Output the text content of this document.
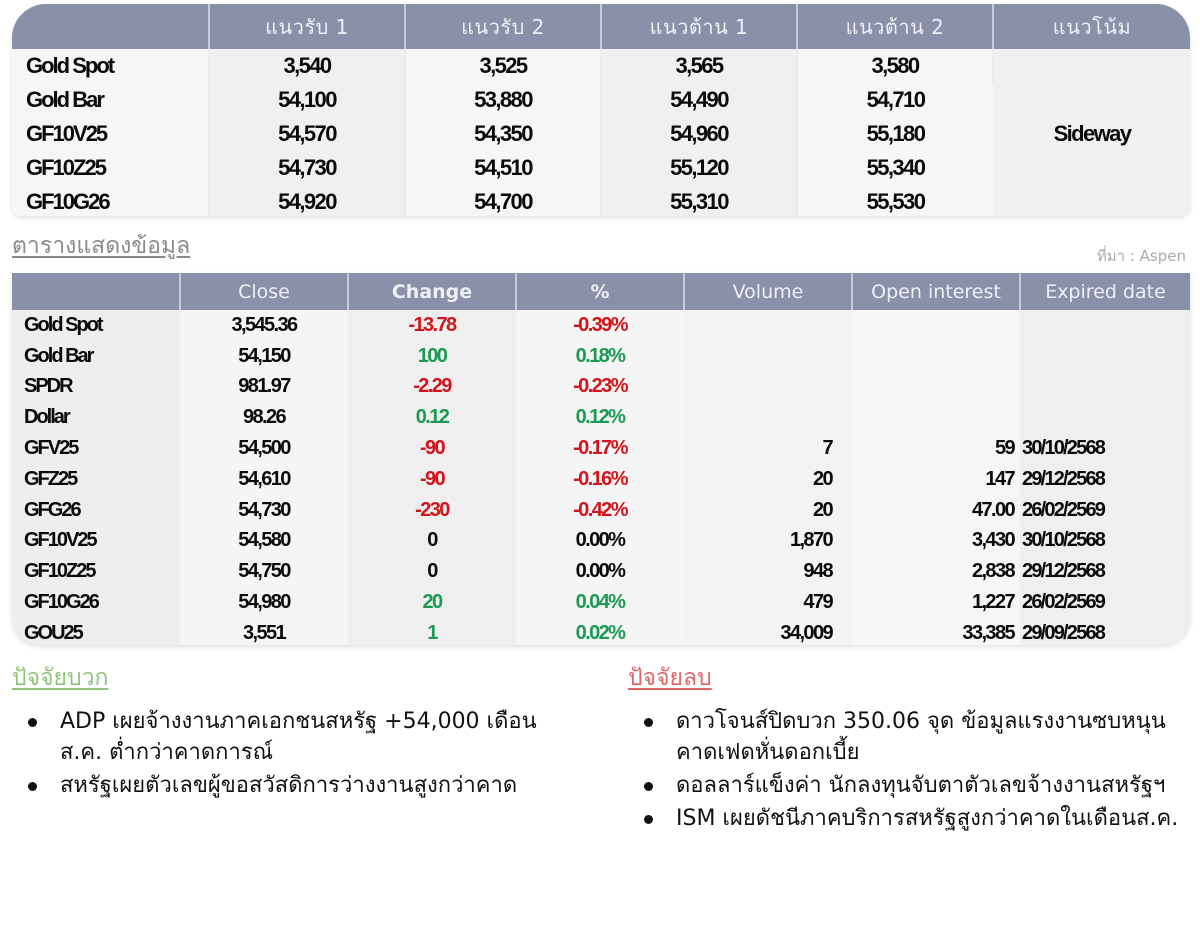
	แนวรับ 1	แนวรับ 2	แนวต้าน 1	แนวต้าน 2	แนวโน้ม
Gold Spot	3,540	3,525	3,565	3,580	Sideway
Gold Bar	54,100	53,880	54,490	54,710	
GF10V25	54,570	54,350	54,960	55,180	
GF10Z25	54,730	54,510	55,120	55,340	
GF10G26	54,920	54,700	55,310	55,530	
ตารางแสดงข้อมูล	ที่มา : Aspen
	Close	Change	%	Volume	Open interest	Expired date
Gold Spot	3,545.36	-13.78	-0.39%			
Gold Bar	54,150	100	0.18%			
SPDR	981.97	-2.29	-0.23%			
Dollar	98.26	0.12	0.12%			
GFV25	54,500	-90	-0.17%	7	59	30/10/2568
GFZ25	54,610	-90	-0.16%	20	147	29/12/2568
GFG26	54,730	-230	-0.42%	20	47.00	26/02/2569
GF10V25	54,580	0	0.00%	1,870	3,430	30/10/2568
GF10Z25	54,750	0	0.00%	948	2,838	29/12/2568
GF10G26	54,980	20	0.04%	479	1,227	26/02/2569
GOU25	3,551	1	0.02%	34,009	33,385	29/09/2568
ปัจจัยบวก
ADP เผยจ้างงานภาคเอกชนสหรัฐ +54,000 เดือนส.ค. ต่ำกว่าคาดการณ์
สหรัฐเผยตัวเลขผู้ขอสวัสดิการว่างงานสูงกว่าคาด
ปัจจัยลบ
ดาวโจนส์ปิดบวก 350.06 จุด ข้อมูลแรงงานซบหนุนคาดเฟดหั่นดอกเบี้ย
ดอลลาร์แข็งค่า นักลงทุนจับตาตัวเลขจ้างงานสหรัฐฯ
ISM เผยดัชนีภาคบริการสหรัฐสูงกว่าคาดในเดือนส.ค.
